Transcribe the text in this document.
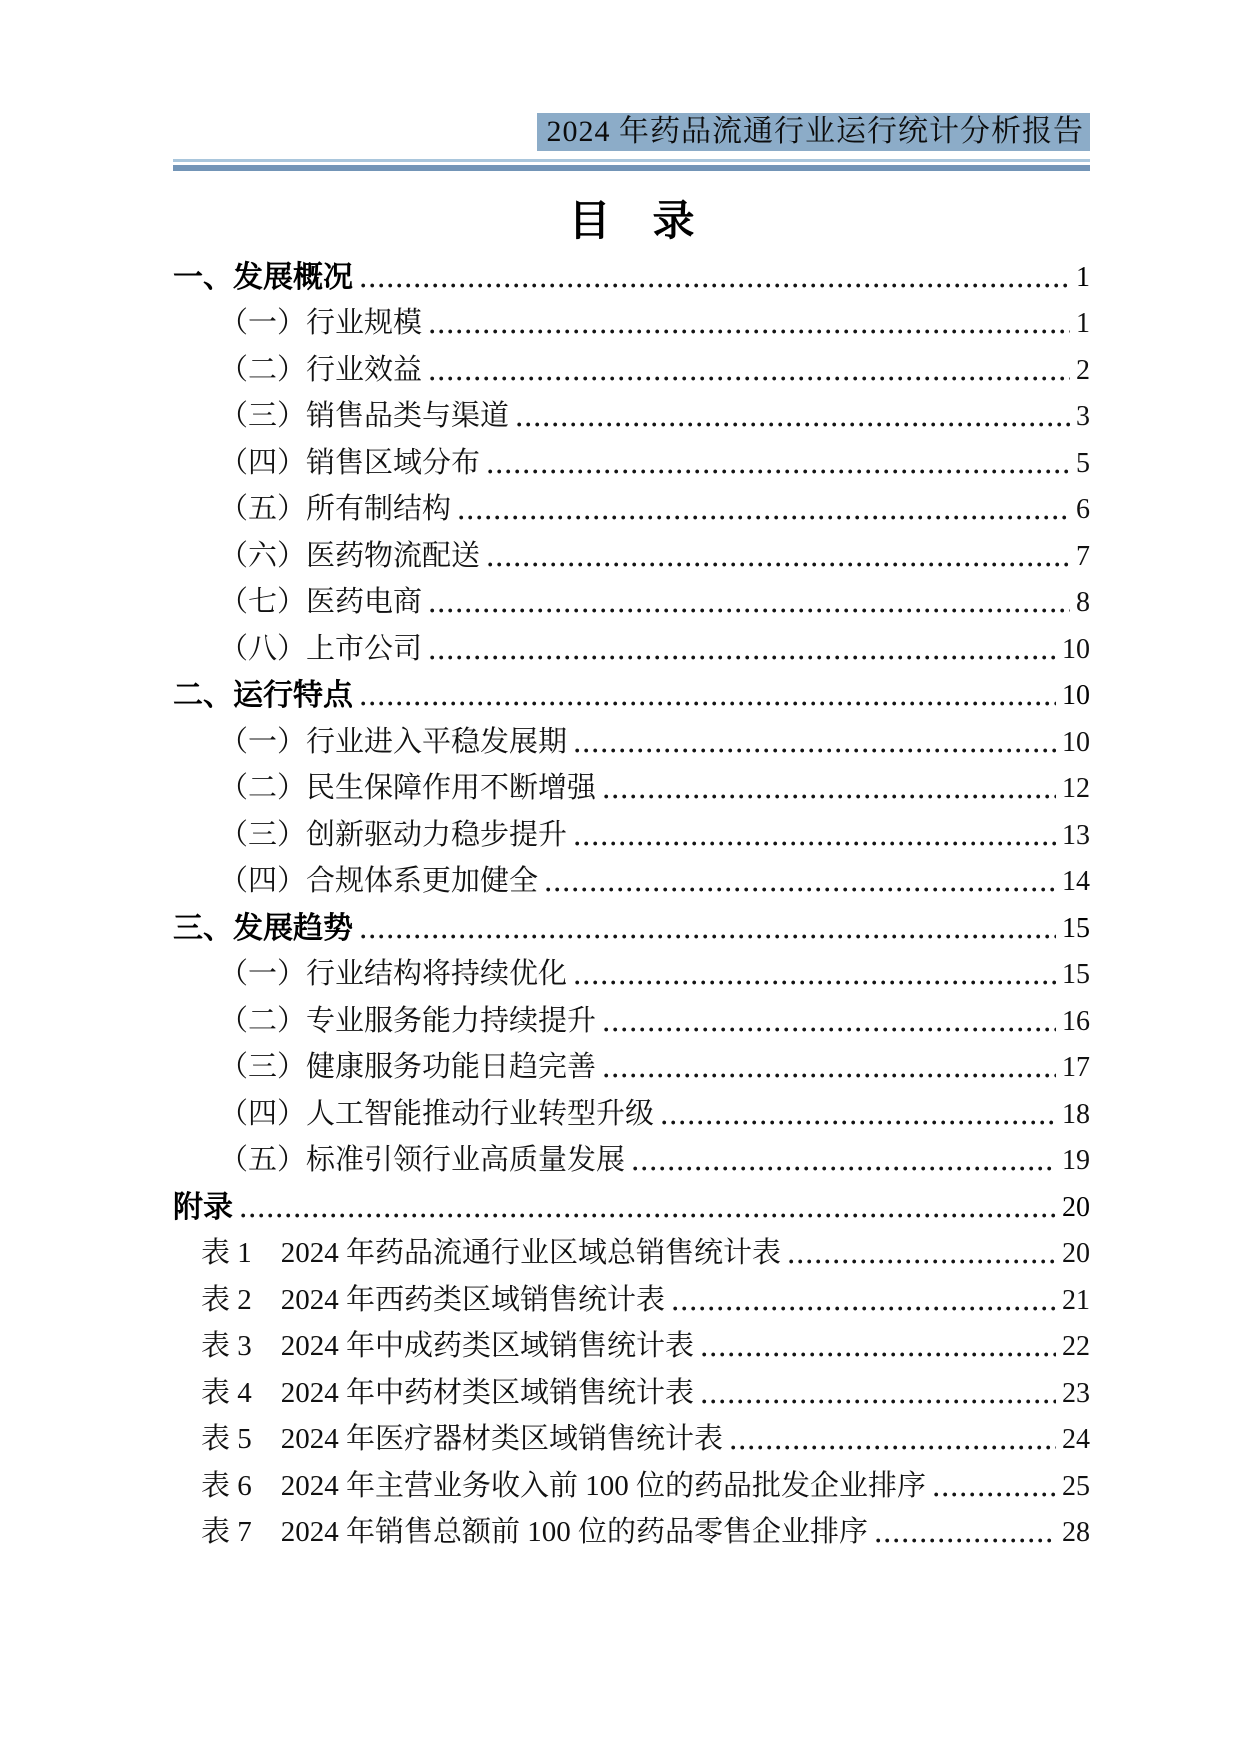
2024 年药品流通行业运行统计分析报告
目　录
一、发展概况	1
（一）行业规模	1
（二）行业效益	2
（三）销售品类与渠道	3
（四）销售区域分布	5
（五）所有制结构	6
（六）医药物流配送	7
（七）医药电商	8
（八）上市公司	10
二、运行特点	10
（一）行业进入平稳发展期	10
（二）民生保障作用不断增强	12
（三）创新驱动力稳步提升	13
（四）合规体系更加健全	14
三、发展趋势	15
（一）行业结构将持续优化	15
（二）专业服务能力持续提升	16
（三）健康服务功能日趋完善	17
（四）人工智能推动行业转型升级	18
（五）标准引领行业高质量发展	19
附录	20
表 1　2024 年药品流通行业区域总销售统计表	20
表 2　2024 年西药类区域销售统计表	21
表 3　2024 年中成药类区域销售统计表	22
表 4　2024 年中药材类区域销售统计表	23
表 5　2024 年医疗器材类区域销售统计表	24
表 6　2024 年主营业务收入前 100 位的药品批发企业排序	25
表 7　2024 年销售总额前 100 位的药品零售企业排序	28
